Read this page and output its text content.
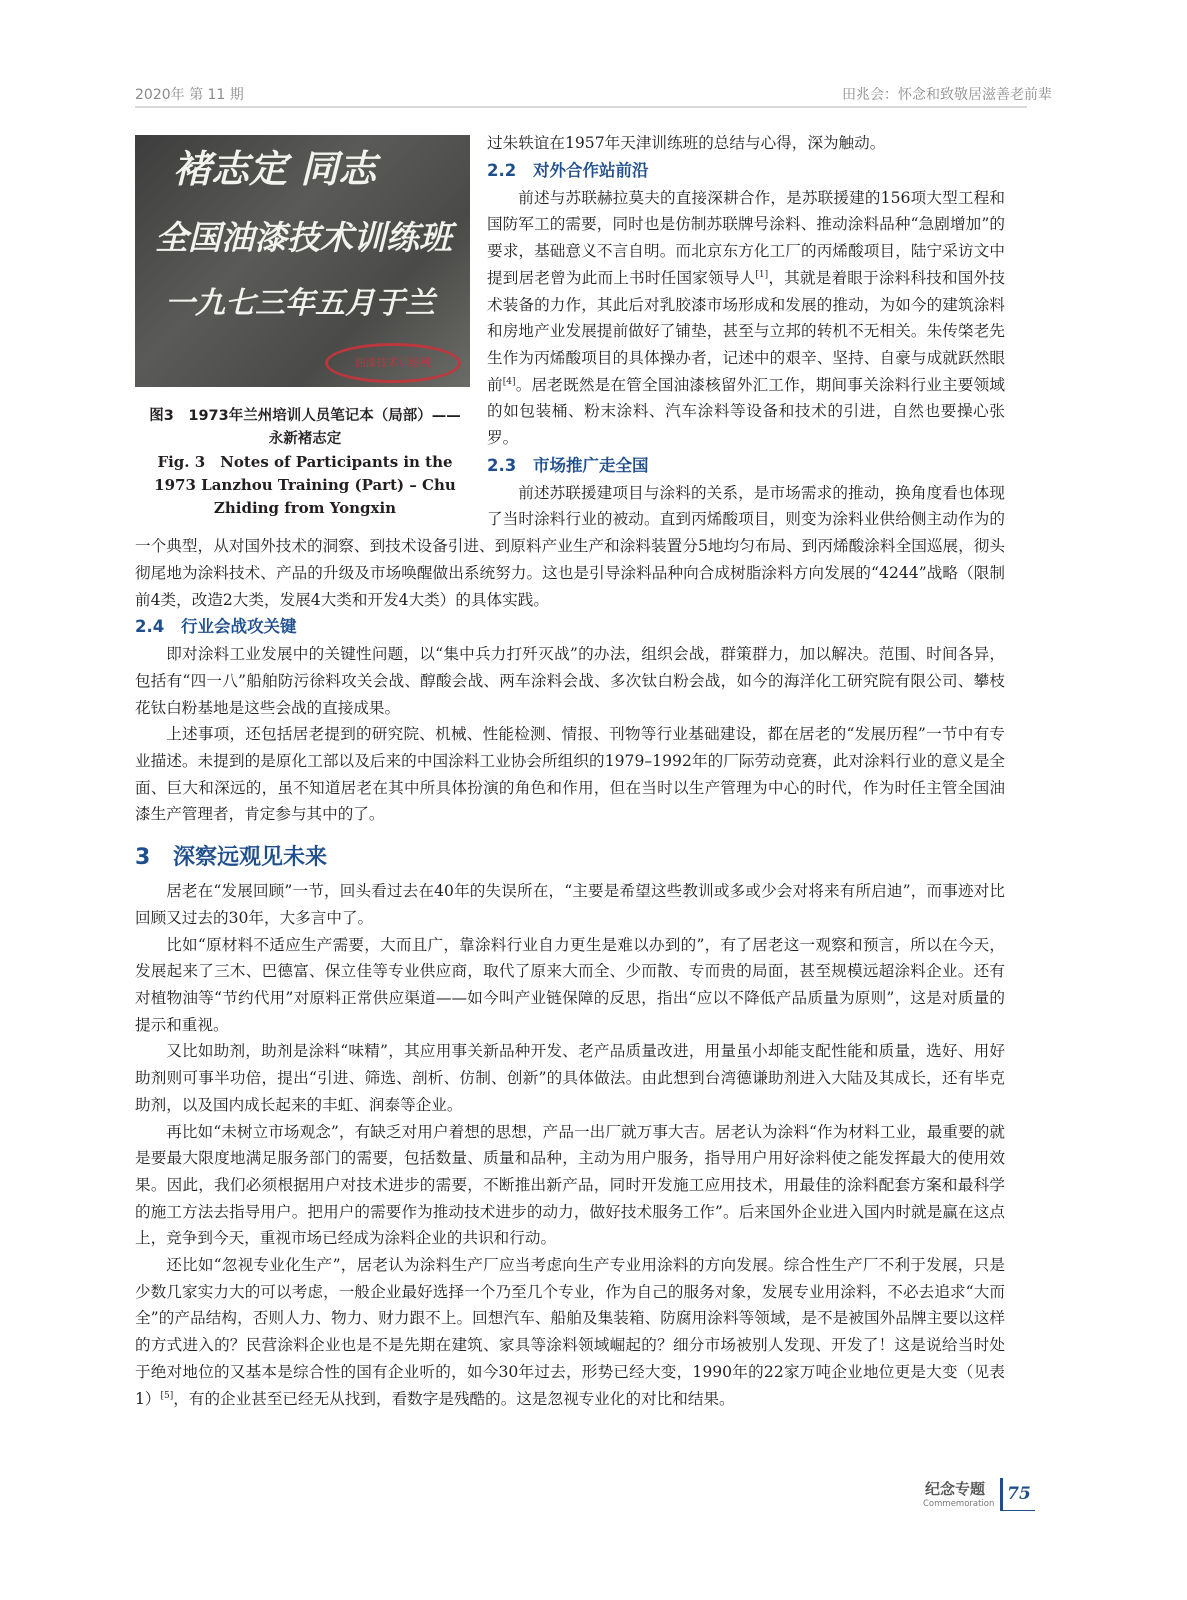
2020年 第 11 期	田兆会：怀念和致敬居滋善老前辈
褚志定 同志
全国油漆技术训练班
一九七三年五月于兰
油漆技术训练班
图3　1973年兰州培训人员笔记本（局部）——
永新褚志定
Fig. 3　Notes of Participants in the 1973 Lanzhou Training (Part) – Chu Zhiding from Yongxin

过朱轶谊在1957年天津训练班的总结与心得，深为触动。

2.2 对外合作站前沿

前述与苏联赫拉莫夫的直接深耕合作，是苏联援建的156项大型工程和国防军工的需要，同时也是仿制苏联牌号涂料、推动涂料品种“急剧增加”的要求，基础意义不言自明。而北京东方化工厂的丙烯酸项目，陆宁采访文中提到居老曾为此而上书时任国家领导人[1]，其就是着眼于涂料科技和国外技术装备的力作，其此后对乳胶漆市场形成和发展的推动，为如今的建筑涂料和房地产业发展提前做好了铺垫，甚至与立邦的转机不无相关。朱传棨老先生作为丙烯酸项目的具体操办者，记述中的艰辛、坚持、自豪与成就跃然眼前[4]。居老既然是在管全国油漆核留外汇工作，期间事关涂料行业主要领域的如包装桶、粉末涂料、汽车涂料等设备和技术的引进，自然也要操心张罗。

2.3 市场推广走全国

前述苏联援建项目与涂料的关系，是市场需求的推动，换角度看也体现了当时涂料行业的被动。直到丙烯酸项目，则变为涂料业供给侧主动作为的一个典型，从对国外技术的洞察、到技术设备引进、到原料产业生产和涂料装置分5地均匀布局、到丙烯酸涂料全国巡展，彻头彻尾地为涂料技术、产品的升级及市场唤醒做出系统努力。这也是引导涂料品种向合成树脂涂料方向发展的“4244”战略（限制前4类，改造2大类，发展4大类和开发4大类）的具体实践。

2.4 行业会战攻关键

即对涂料工业发展中的关键性问题，以“集中兵力打歼灭战”的办法，组织会战，群策群力，加以解决。范围、时间各异，包括有“四一八”船舶防污徐料攻关会战、醇酸会战、两车涂料会战、多次钛白粉会战，如今的海洋化工研究院有限公司、攀枝花钛白粉基地是这些会战的直接成果。

上述事项，还包括居老提到的研究院、机械、性能检测、情报、刊物等行业基础建设，都在居老的“发展历程”一节中有专业描述。未提到的是原化工部以及后来的中国涂料工业协会所组织的1979–1992年的厂际劳动竞赛，此对涂料行业的意义是全面、巨大和深远的，虽不知道居老在其中所具体扮演的角色和作用，但在当时以生产管理为中心的时代，作为时任主管全国油漆生产管理者，肯定参与其中的了。

3 深察远观见未来

居老在“发展回顾”一节，回头看过去在40年的失误所在，“主要是希望这些教训或多或少会对将来有所启迪”，而事迹对比回顾又过去的30年，大多言中了。

比如“原材料不适应生产需要，大而且广，靠涂料行业自力更生是难以办到的”，有了居老这一观察和预言，所以在今天，发展起来了三木、巴德富、保立佳等专业供应商，取代了原来大而全、少而散、专而贵的局面，甚至规模远超涂料企业。还有对植物油等“节约代用”对原料正常供应渠道——如今叫产业链保障的反思，指出“应以不降低产品质量为原则”，这是对质量的提示和重视。

又比如助剂，助剂是涂料“味精”，其应用事关新品种开发、老产品质量改进，用量虽小却能支配性能和质量，选好、用好助剂则可事半功倍，提出“引进、筛选、剖析、仿制、创新”的具体做法。由此想到台湾德谦助剂进入大陆及其成长，还有毕克助剂，以及国内成长起来的丰虹、润泰等企业。

再比如“未树立市场观念”，有缺乏对用户着想的思想，产品一出厂就万事大吉。居老认为涂料“作为材料工业，最重要的就是要最大限度地满足服务部门的需要，包括数量、质量和品种，主动为用户服务，指导用户用好涂料使之能发挥最大的使用效果。因此，我们必须根据用户对技术进步的需要，不断推出新产品，同时开发施工应用技术，用最佳的涂料配套方案和最科学的施工方法去指导用户。把用户的需要作为推动技术进步的动力，做好技术服务工作”。后来国外企业进入国内时就是赢在这点上，竞争到今天，重视市场已经成为涂料企业的共识和行动。

还比如“忽视专业化生产”，居老认为涂料生产厂应当考虑向生产专业用涂料的方向发展。综合性生产厂不利于发展，只是少数几家实力大的可以考虑，一般企业最好选择一个乃至几个专业，作为自己的服务对象，发展专业用涂料，不必去追求“大而全”的产品结构，否则人力、物力、财力跟不上。回想汽车、船舶及集装箱、防腐用涂料等领域，是不是被国外品牌主要以这样的方式进入的？民营涂料企业也是不是先期在建筑、家具等涂料领域崛起的？细分市场被别人发现、开发了！这是说给当时处于绝对地位的又基本是综合性的国有企业听的，如今30年过去，形势已经大变，1990年的22家万吨企业地位更是大变（见表1）[5]，有的企业甚至已经无从找到，看数字是残酷的。这是忽视专业化的对比和结果。

纪念专题
Commemoration 75
